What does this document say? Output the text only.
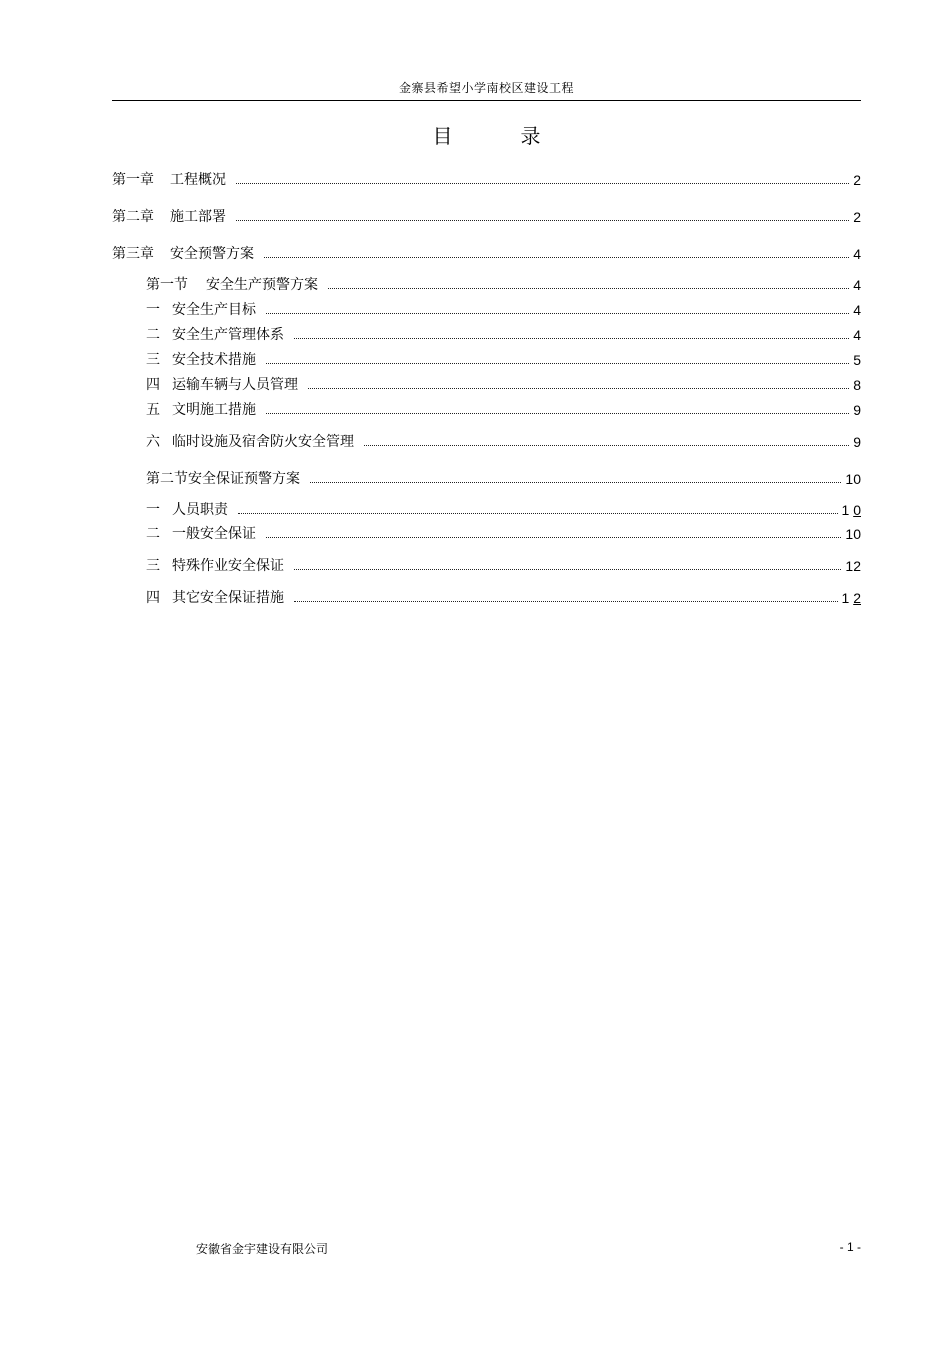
金寨县希望小学南校区建设工程
目	录
第一章	工程概况	2
第二章	施工部署	2
第三章	安全预警方案	4
第一节	安全生产预警方案	4
一 安全生产目标	4
二 安全生产管理体系	4
三 安全技术措施	5
四 运输车辆与人员管理	8
五 文明施工措施	9
六 临时设施及宿舍防火安全管理	9
第二节安全保证预警方案	10
一 人员职责	1 0
二 一般安全保证	10
三 特殊作业安全保证	12
四 其它安全保证措施	1 2
安徽省金宇建设有限公司	- 1 -
